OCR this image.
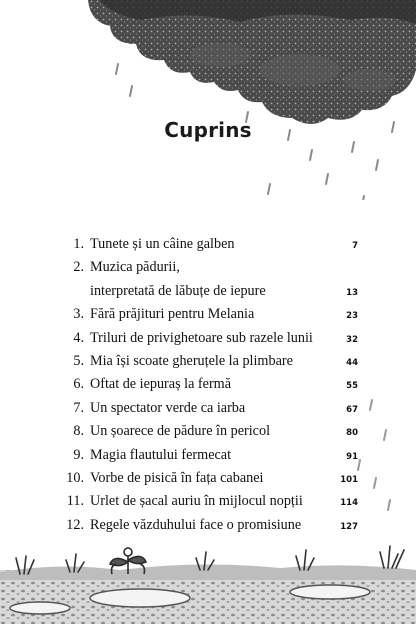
Cuprins
1. Tunete și un câine galben	7
2. Muzica pădurii,
interpretată de lăbuțe de iepure	13
3. Fără prăjituri pentru Melania	23
4. Triluri de privighetoare sub razele lunii	32
5. Mia își scoate gheruțele la plimbare	44
6. Oftat de iepuraș la fermă	55
7. Un spectator verde ca iarba	67
8. Un șoarece de pădure în pericol	80
9. Magia flautului fermecat	91
10. Vorbe de pisică în fața cabanei	101
11. Urlet de șacal auriu în mijlocul nopții	114
12. Regele văzduhului face o promisiune	127
